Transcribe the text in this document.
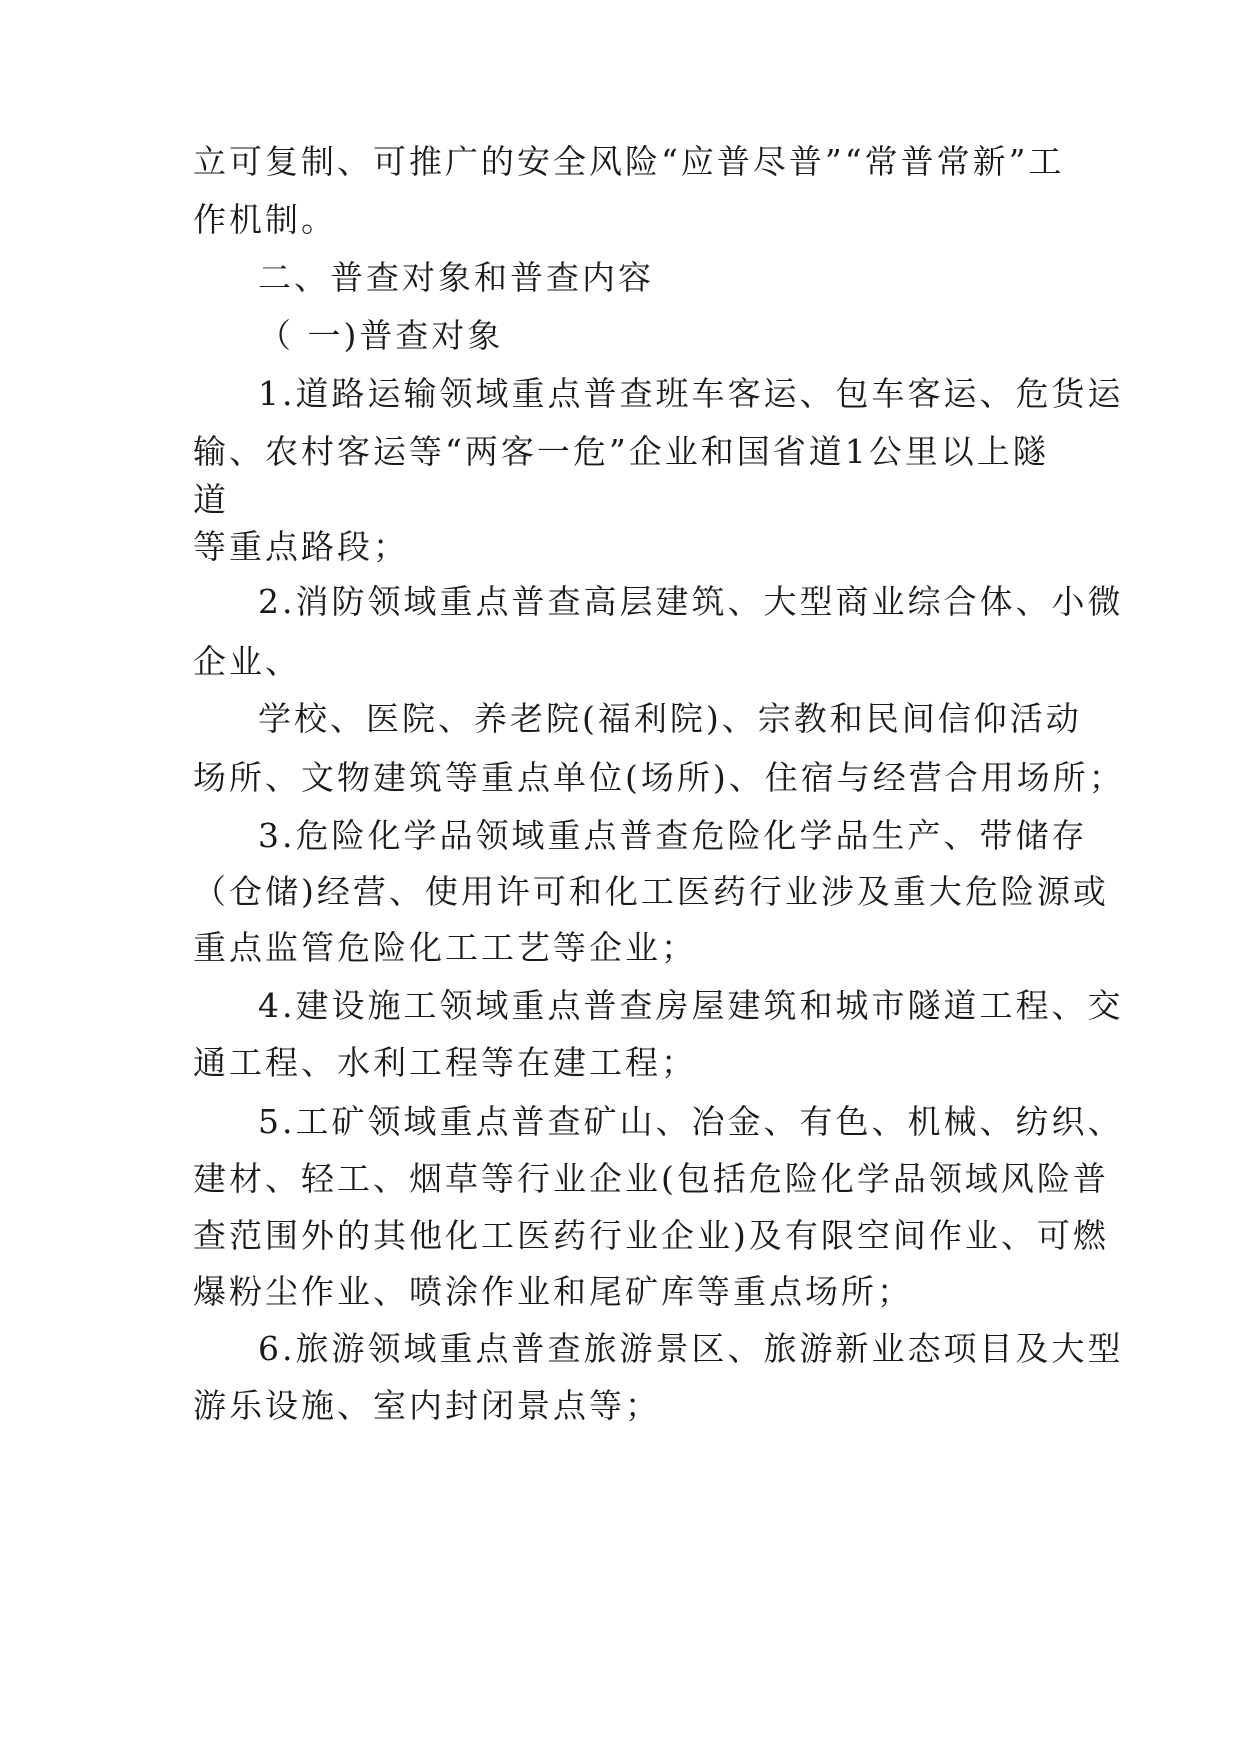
立可复制、可推广的安全风险“应普尽普”“常普常新”工
作机制。
二、普查对象和普查内容
（ 一)普查对象
1.道路运输领域重点普查班车客运、包车客运、危货运
输、农村客运等“两客一危”企业和国省道1公里以上隧
道
等重点路段；
2.消防领域重点普查高层建筑、大型商业综合体、小微
企业、
学校、医院、养老院(福利院)、宗教和民间信仰活动
场所、文物建筑等重点单位(场所)、住宿与经营合用场所；
3.危险化学品领域重点普查危险化学品生产、带储存
（仓储)经营、使用许可和化工医药行业涉及重大危险源或
重点监管危险化工工艺等企业；
4.建设施工领域重点普查房屋建筑和城市隧道工程、交
通工程、水利工程等在建工程；
5.工矿领域重点普查矿山、冶金、有色、机械、纺织、
建材、轻工、烟草等行业企业(包括危险化学品领域风险普
查范围外的其他化工医药行业企业)及有限空间作业、可燃
爆粉尘作业、喷涂作业和尾矿库等重点场所；
6.旅游领域重点普查旅游景区、旅游新业态项目及大型
游乐设施、室内封闭景点等；
